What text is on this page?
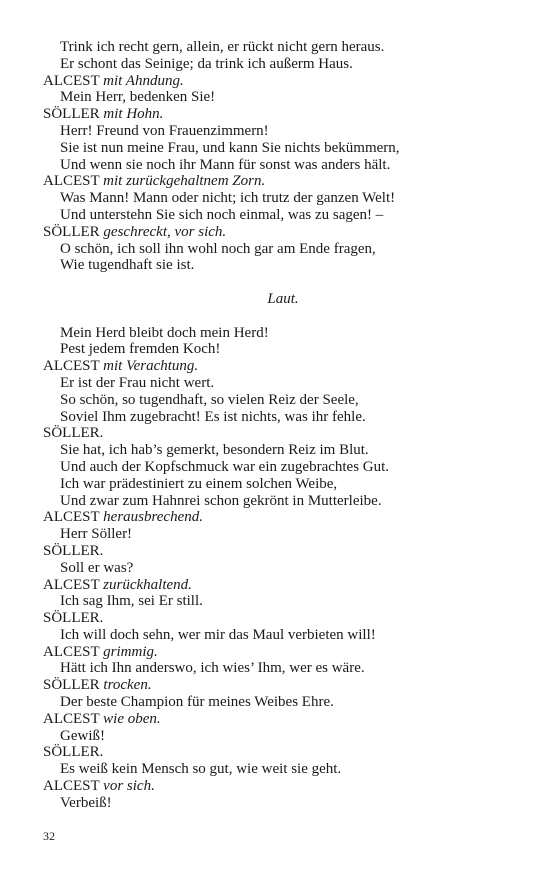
Trink ich recht gern, allein, er rückt nicht gern heraus.
Er schont das Seinige; da trink ich außerm Haus.
ALCEST mit Ahndung.
Mein Herr, bedenken Sie!
SÖLLER mit Hohn.
Herr! Freund von Frauenzimmern!
Sie ist nun meine Frau, und kann Sie nichts bekümmern,
Und wenn sie noch ihr Mann für sonst was anders hält.
ALCEST mit zurückgehaltnem Zorn.
Was Mann! Mann oder nicht; ich trutz der ganzen Welt!
Und unterstehn Sie sich noch einmal, was zu sagen! –
SÖLLER geschreckt, vor sich.
O schön, ich soll ihn wohl noch gar am Ende fragen,
Wie tugendhaft sie ist.
Laut.
Mein Herd bleibt doch mein Herd!
Pest jedem fremden Koch!
ALCEST mit Verachtung.
Er ist der Frau nicht wert.
So schön, so tugendhaft, so vielen Reiz der Seele,
Soviel Ihm zugebracht! Es ist nichts, was ihr fehle.
SÖLLER.
Sie hat, ich hab’s gemerkt, besondern Reiz im Blut.
Und auch der Kopfschmuck war ein zugebrachtes Gut.
Ich war prädestiniert zu einem solchen Weibe,
Und zwar zum Hahnrei schon gekrönt in Mutterleibe.
ALCEST herausbrechend.
Herr Söller!
SÖLLER.
Soll er was?
ALCEST zurückhaltend.
Ich sag Ihm, sei Er still.
SÖLLER.
Ich will doch sehn, wer mir das Maul verbieten will!
ALCEST grimmig.
Hätt ich Ihn anderswo, ich wies’ Ihm, wer es wäre.
SÖLLER trocken.
Der beste Champion für meines Weibes Ehre.
ALCEST wie oben.
Gewiß!
SÖLLER.
Es weiß kein Mensch so gut, wie weit sie geht.
ALCEST vor sich.
Verbeiß!
32
